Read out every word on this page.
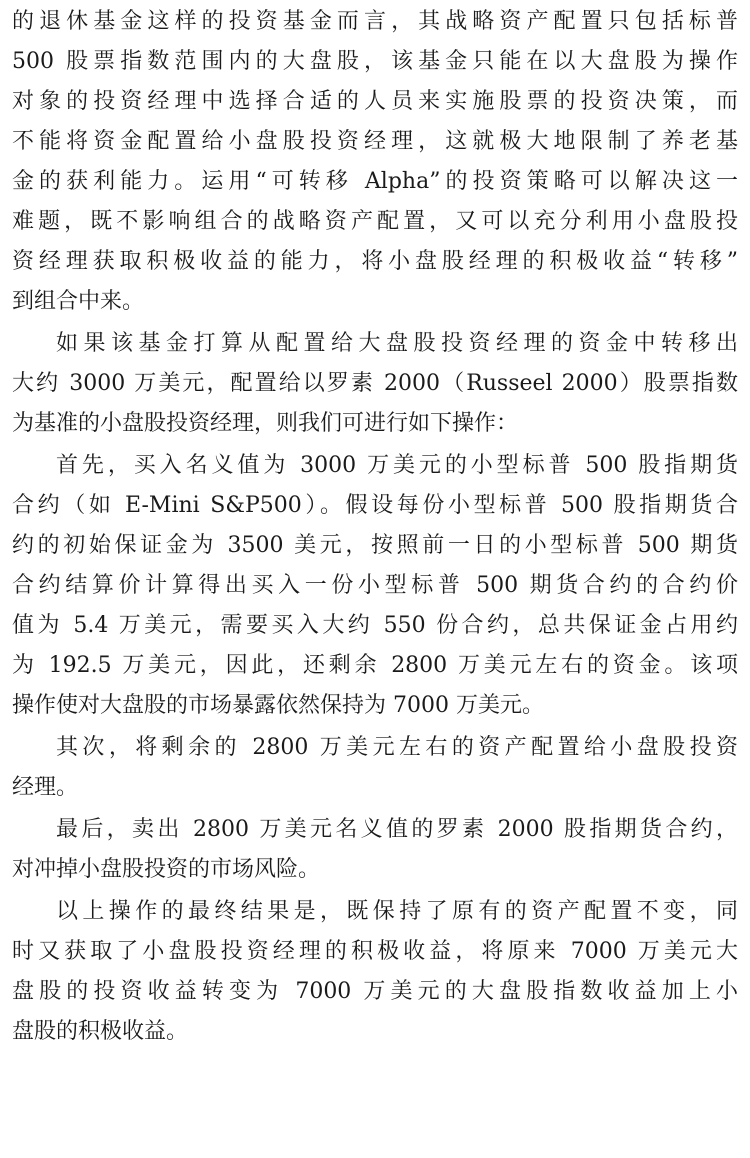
的退休基金这样的投资基金而言，其战略资产配置只包括标普
500 股票指数范围内的大盘股，该基金只能在以大盘股为操作
对象的投资经理中选择合适的人员来实施股票的投资决策，而
不能将资金配置给小盘股投资经理，这就极大地限制了养老基
金的获利能力。运用“可转移 Alpha”的投资策略可以解决这一
难题，既不影响组合的战略资产配置，又可以充分利用小盘股投
资经理获取积极收益的能力，将小盘股经理的积极收益“转移”
到组合中来。
如果该基金打算从配置给大盘股投资经理的资金中转移出
大约 3000 万美元，配置给以罗素 2000（Russeel 2000）股票指数
为基准的小盘股投资经理，则我们可进行如下操作：
首先，买入名义值为 3000 万美元的小型标普 500 股指期货
合约（如 E-Mini S&P500）。假设每份小型标普 500 股指期货合
约的初始保证金为 3500 美元，按照前一日的小型标普 500 期货
合约结算价计算得出买入一份小型标普 500 期货合约的合约价
值为 5.4 万美元，需要买入大约 550 份合约，总共保证金占用约
为 192.5 万美元，因此，还剩余 2800 万美元左右的资金。该项
操作使对大盘股的市场暴露依然保持为 7000 万美元。
其次，将剩余的 2800 万美元左右的资产配置给小盘股投资
经理。
最后，卖出 2800 万美元名义值的罗素 2000 股指期货合约，
对冲掉小盘股投资的市场风险。
以上操作的最终结果是，既保持了原有的资产配置不变，同
时又获取了小盘股投资经理的积极收益，将原来 7000 万美元大
盘股的投资收益转变为 7000 万美元的大盘股指数收益加上小
盘股的积极收益。
